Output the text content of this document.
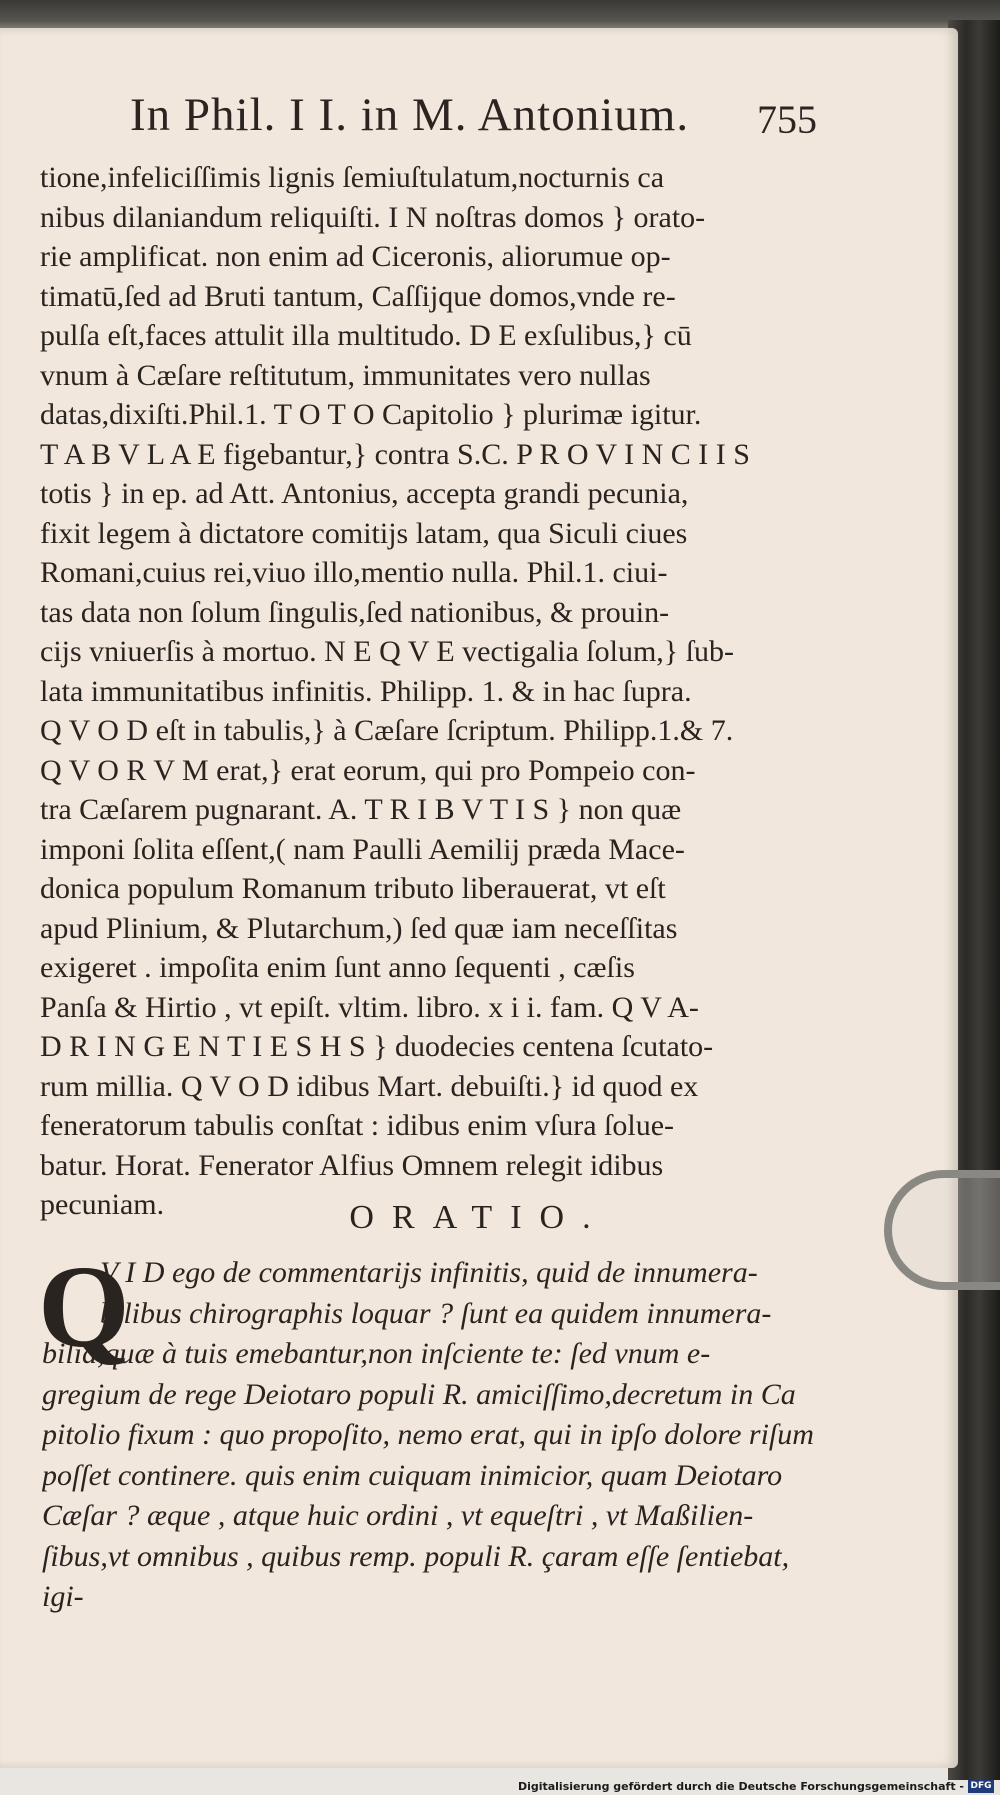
In Phil. I I. in M. Antonium. 755
tione,infeliciſſimis lignis ſemiuſtulatum,nocturnis ca
nibus dilaniandum reliquiſti. I N noſtras domos } orato-
rie amplificat. non enim ad Ciceronis, aliorumue op-
timatū,ſed ad Bruti tantum, Caſſijque domos,vnde re-
pulſa eſt,faces attulit illa multitudo. D E exſulibus,} cū
vnum à Cæſare reſtitutum, immunitates vero nullas
datas,dixiſti.Phil.1. T O T O Capitolio } plurimæ igitur.
T A B V L A E figebantur,} contra S.C. P R O V I N C I I S
totis } in ep. ad Att. Antonius, accepta grandi pecunia,
fixit legem à dictatore comitijs latam, qua Siculi ciues
Romani,cuius rei,viuo illo,mentio nulla. Phil.1. ciui-
tas data non ſolum ſingulis,ſed nationibus, & prouin-
cijs vniuerſis à mortuo. N E Q V E vectigalia ſolum,} ſub-
lata immunitatibus infinitis. Philipp. 1. & in hac ſupra.
Q V O D eſt in tabulis,} à Cæſare ſcriptum. Philipp.1.& 7.
Q V O R V M erat,} erat eorum, qui pro Pompeio con-
tra Cæſarem pugnarant. A. T R I B V T I S } non quæ
imponi ſolita eſſent,( nam Paulli Aemilij præda Mace-
donica populum Romanum tributo liberauerat, vt eſt
apud Plinium, & Plutarchum,) ſed quæ iam neceſſitas
exigeret . impoſita enim ſunt anno ſequenti , cæſis
Panſa & Hirtio , vt epiſt. vltim. libro. x i i. fam. Q V A-
D R I N G E N T I E S H S } duodecies centena ſcutato-
rum millia. Q V O D idibus Mart. debuiſti.} id quod ex
feneratorum tabulis conſtat : idibus enim vſura ſolue-
batur. Horat. Fenerator Alfius Omnem relegit idibus
pecuniam.	ORATIO.
Q
V I D ego de commentarijs infinitis, quid de innumera-
bilibus chirographis loquar ? ſunt ea quidem innumera-
bilia,quæ à tuis emebantur,non inſciente te: ſed vnum e-
gregium de rege Deiotaro populi R. amiciſſimo,decretum in Ca
pitolio fixum : quo propoſito, nemo erat, qui in ipſo dolore riſum
poſſet continere. quis enim cuiquam inimicior, quam Deiotaro
Cæſar ? æque , atque huic ordini , vt equeſtri , vt Maßilien-
ſibus,vt omnibus , quibus remp. populi R. çaram eſſe ſentiebat,
igi-
Digitalisierung gefördert durch die Deutsche Forschungsgemeinschaft - DFG
